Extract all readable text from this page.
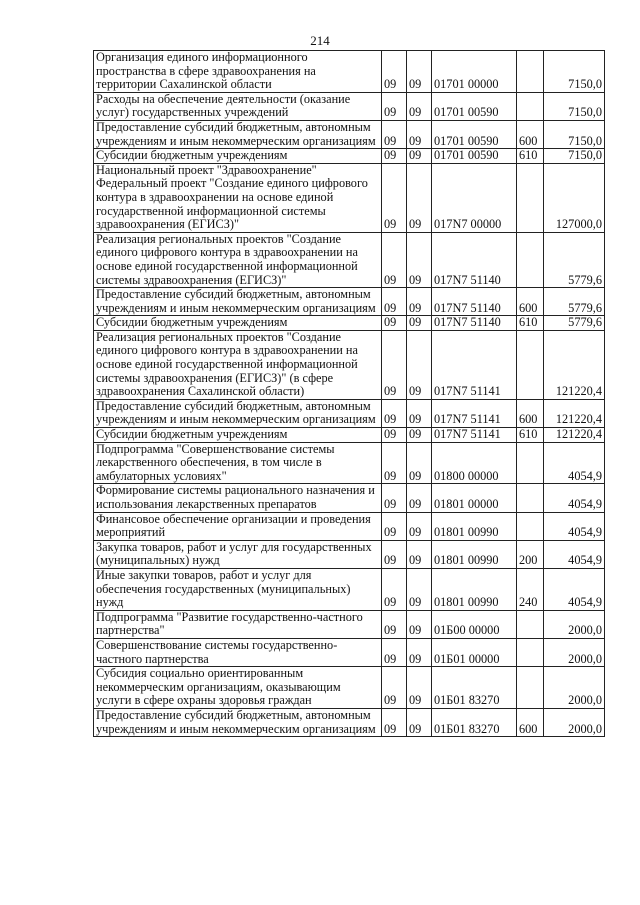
214
Организация единого информационного пространства в сфере здравоохранения на территории Сахалинской области	09	09	01701 00000		7150,0
Расходы на обеспечение деятельности (оказание услуг) государственных учреждений	09	09	01701 00590		7150,0
Предоставление субсидий бюджетным, автономным учреждениям и иным некоммерческим организациям	09	09	01701 00590	600	7150,0
Субсидии бюджетным учреждениям	09	09	01701 00590	610	7150,0
Национальный проект "Здравоохранение" Федеральный проект "Создание единого цифрового контура в здравоохранении на основе единой государственной информационной системы здравоохранения (ЕГИСЗ)"	09	09	017N7 00000		127000,0
Реализация региональных проектов "Создание единого цифрового контура в здравоохранении на основе единой государственной информационной системы здравоохранения (ЕГИСЗ)"	09	09	017N7 51140		5779,6
Предоставление субсидий бюджетным, автономным учреждениям и иным некоммерческим организациям	09	09	017N7 51140	600	5779,6
Субсидии бюджетным учреждениям	09	09	017N7 51140	610	5779,6
Реализация региональных проектов "Создание единого цифрового контура в здравоохранении на основе единой государственной информационной системы здравоохранения (ЕГИСЗ)" (в сфере здравоохранения Сахалинской области)	09	09	017N7 51141		121220,4
Предоставление субсидий бюджетным, автономным учреждениям и иным некоммерческим организациям	09	09	017N7 51141	600	121220,4
Субсидии бюджетным учреждениям	09	09	017N7 51141	610	121220,4
Подпрограмма "Совершенствование системы лекарственного обеспечения, в том числе в амбулаторных условиях"	09	09	01800 00000		4054,9
Формирование системы рационального назначения и использования лекарственных препаратов	09	09	01801 00000		4054,9
Финансовое обеспечение организации и проведения мероприятий	09	09	01801 00990		4054,9
Закупка товаров, работ и услуг для государственных (муниципальных) нужд	09	09	01801 00990	200	4054,9
Иные закупки товаров, работ и услуг для обеспечения государственных (муниципальных) нужд	09	09	01801 00990	240	4054,9
Подпрограмма "Развитие государственно-частного партнерства"	09	09	01Б00 00000		2000,0
Совершенствование системы государственно-частного партнерства	09	09	01Б01 00000		2000,0
Субсидия социально ориентированным некоммерческим организациям, оказывающим услуги в сфере охраны здоровья граждан	09	09	01Б01 83270		2000,0
Предоставление субсидий бюджетным, автономным учреждениям и иным некоммерческим организациям	09	09	01Б01 83270	600	2000,0
